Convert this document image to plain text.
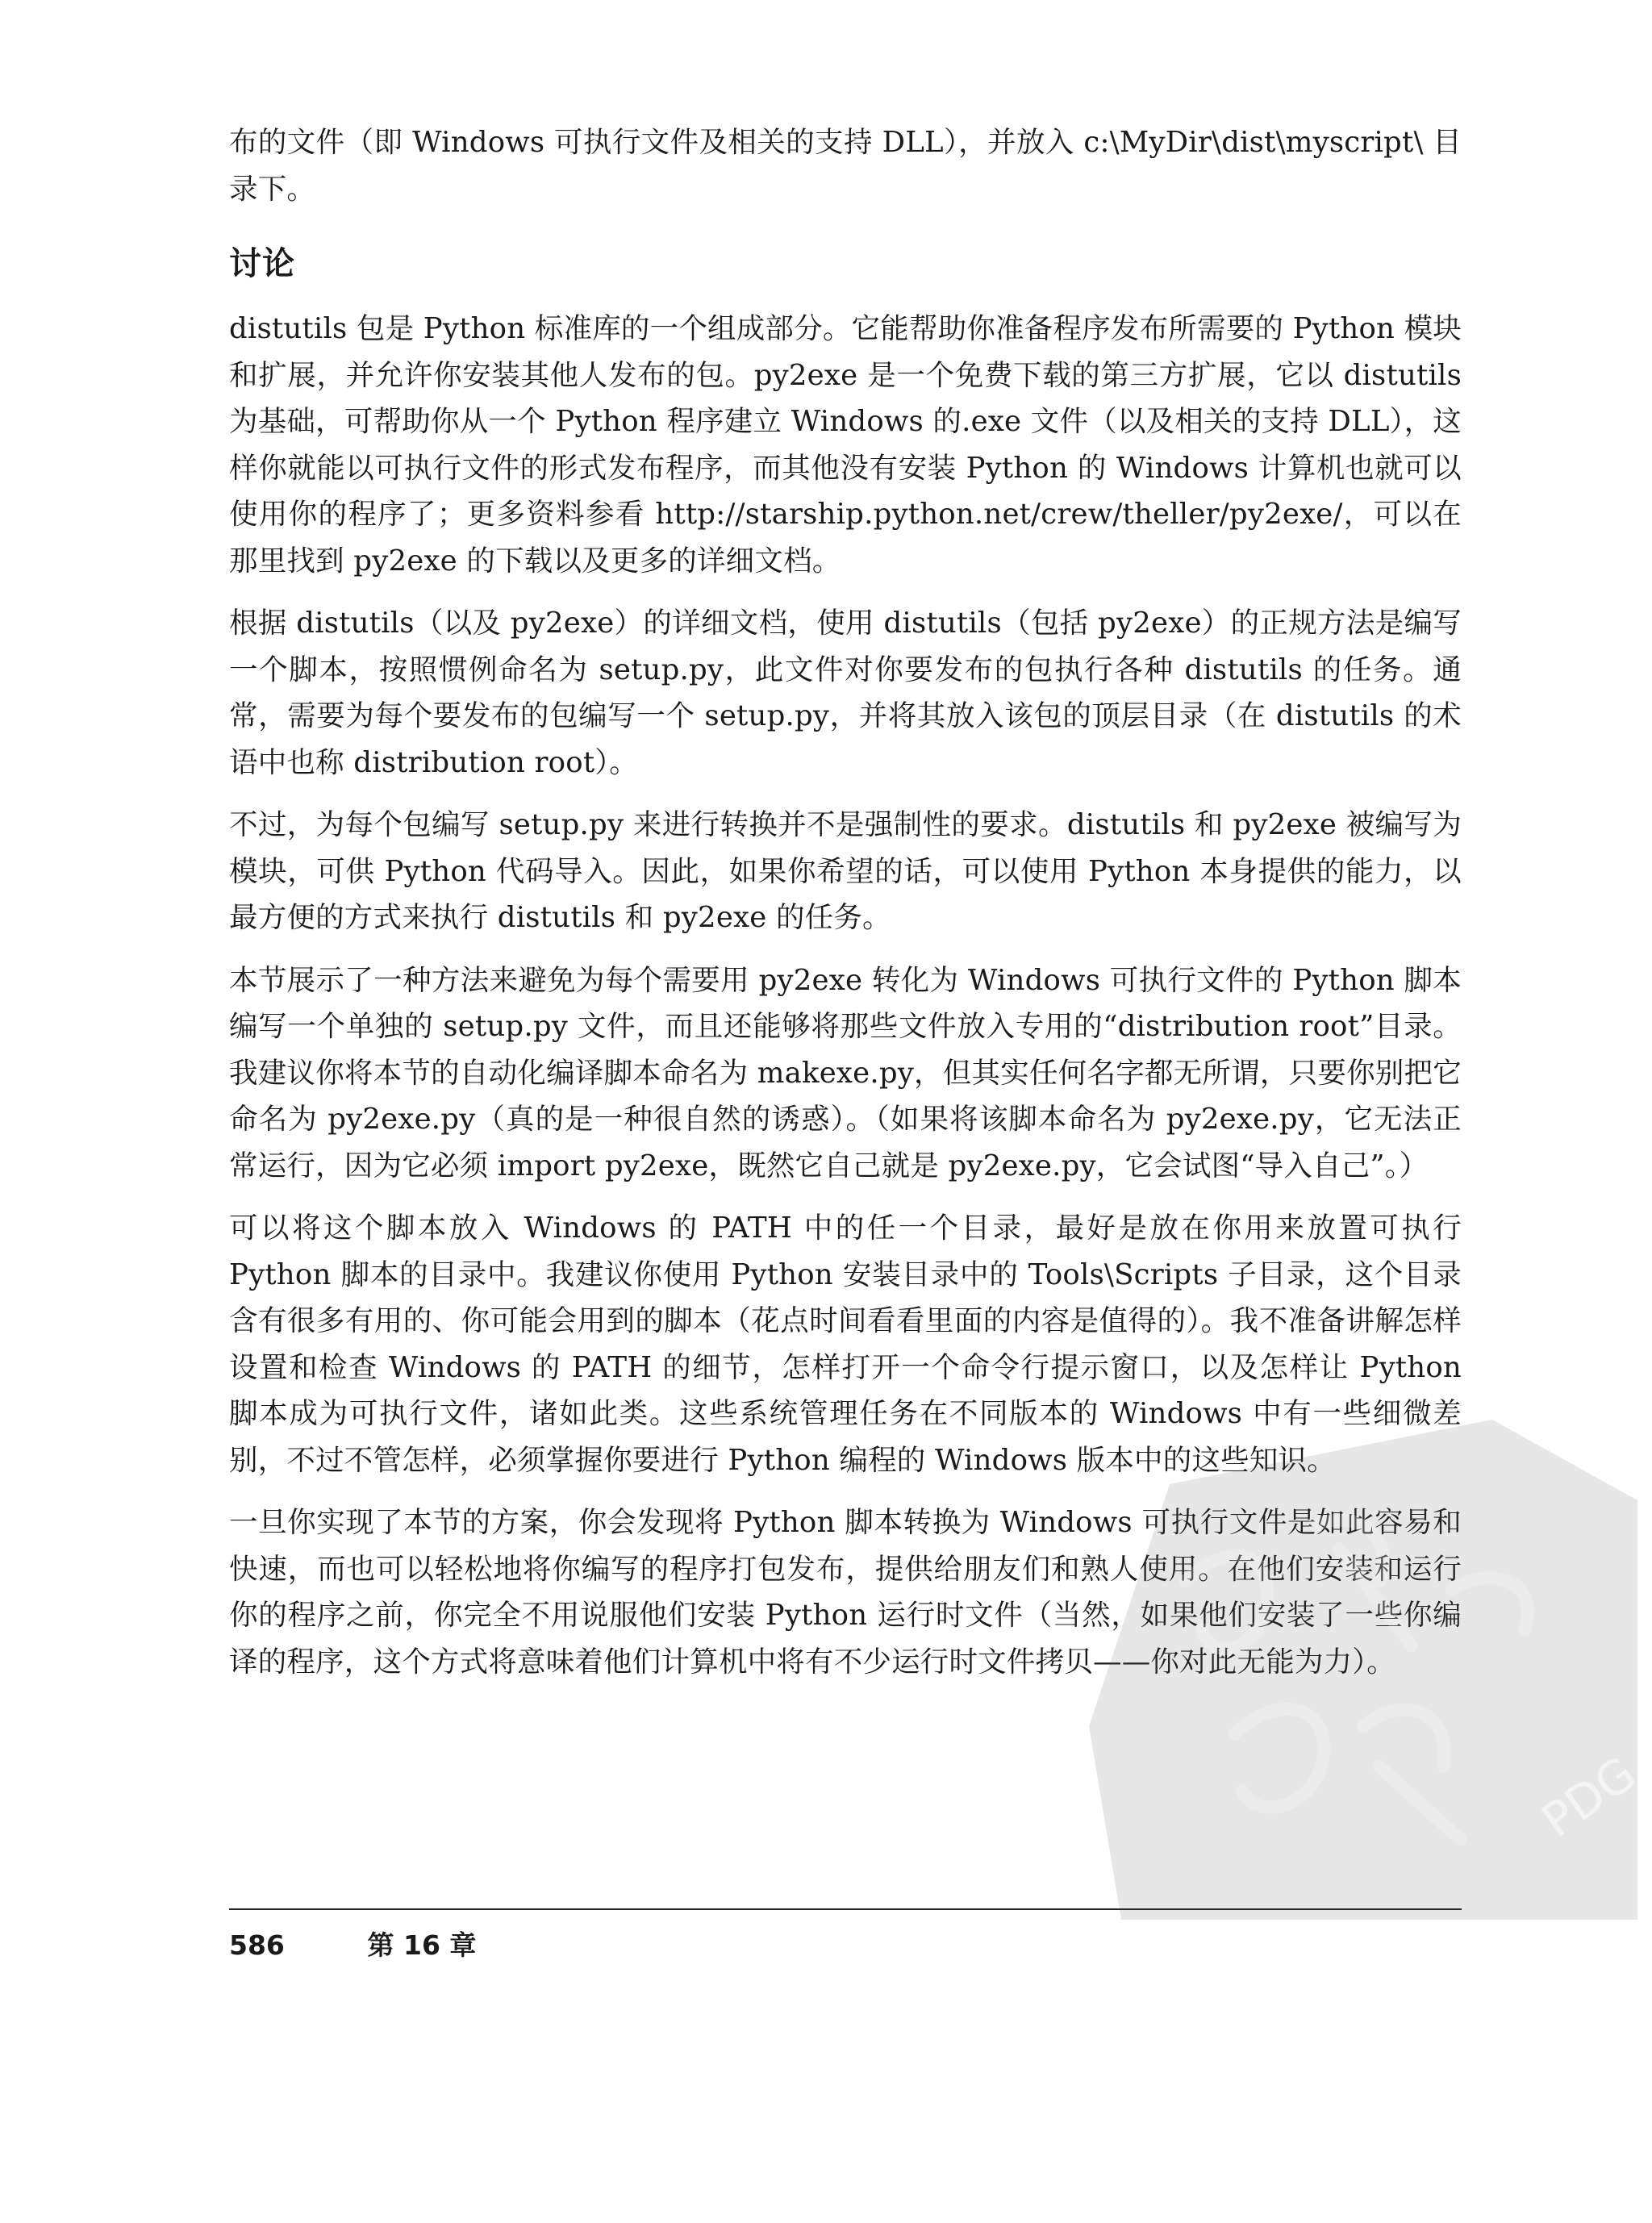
布的文件（即 Windows 可执行文件及相关的支持 DLL），并放入 c:\MyDir\dist\myscript\ 目录下。

讨论

distutils 包是 Python 标准库的一个组成部分。它能帮助你准备程序发布所需要的 Python 模块和扩展，并允许你安装其他人发布的包。py2exe 是一个免费下载的第三方扩展，它以 distutils 为基础，可帮助你从一个 Python 程序建立 Windows 的.exe 文件（以及相关的支持 DLL），这样你就能以可执行文件的形式发布程序，而其他没有安装 Python 的 Windows 计算机也就可以使用你的程序了；更多资料参看 http://starship.python.net/crew/theller/py2exe/，可以在那里找到 py2exe 的下载以及更多的详细文档。

根据 distutils（以及 py2exe）的详细文档，使用 distutils（包括 py2exe）的正规方法是编写一个脚本，按照惯例命名为 setup.py，此文件对你要发布的包执行各种 distutils 的任务。通常，需要为每个要发布的包编写一个 setup.py，并将其放入该包的顶层目录（在 distutils 的术语中也称 distribution root）。

不过，为每个包编写 setup.py 来进行转换并不是强制性的要求。distutils 和 py2exe 被编写为模块，可供 Python 代码导入。因此，如果你希望的话，可以使用 Python 本身提供的能力，以最方便的方式来执行 distutils 和 py2exe 的任务。

本节展示了一种方法来避免为每个需要用 py2exe 转化为 Windows 可执行文件的 Python 脚本编写一个单独的 setup.py 文件，而且还能够将那些文件放入专用的“distribution root”目录。我建议你将本节的自动化编译脚本命名为 makexe.py，但其实任何名字都无所谓，只要你别把它命名为 py2exe.py（真的是一种很自然的诱惑）。（如果将该脚本命名为 py2exe.py，它无法正常运行，因为它必须 import py2exe，既然它自己就是 py2exe.py，它会试图“导入自己”。）

可以将这个脚本放入 Windows 的 PATH 中的任一个目录，最好是放在你用来放置可执行 Python 脚本的目录中。我建议你使用 Python 安装目录中的 Tools\Scripts 子目录，这个目录含有很多有用的、你可能会用到的脚本（花点时间看看里面的内容是值得的）。我不准备讲解怎样设置和检查 Windows 的 PATH 的细节，怎样打开一个命令行提示窗口，以及怎样让 Python 脚本成为可执行文件，诸如此类。这些系统管理任务在不同版本的 Windows 中有一些细微差别，不过不管怎样，必须掌握你要进行 Python 编程的 Windows 版本中的这些知识。

一旦你实现了本节的方案，你会发现将 Python 脚本转换为 Windows 可执行文件是如此容易和快速，而也可以轻松地将你编写的程序打包发布，提供给朋友们和熟人使用。在他们安装和运行你的程序之前，你完全不用说服他们安装 Python 运行时文件（当然，如果他们安装了一些你编译的程序，这个方式将意味着他们计算机中将有不少运行时文件拷贝——你对此无能为力）。

586	第 16 章
PDG
